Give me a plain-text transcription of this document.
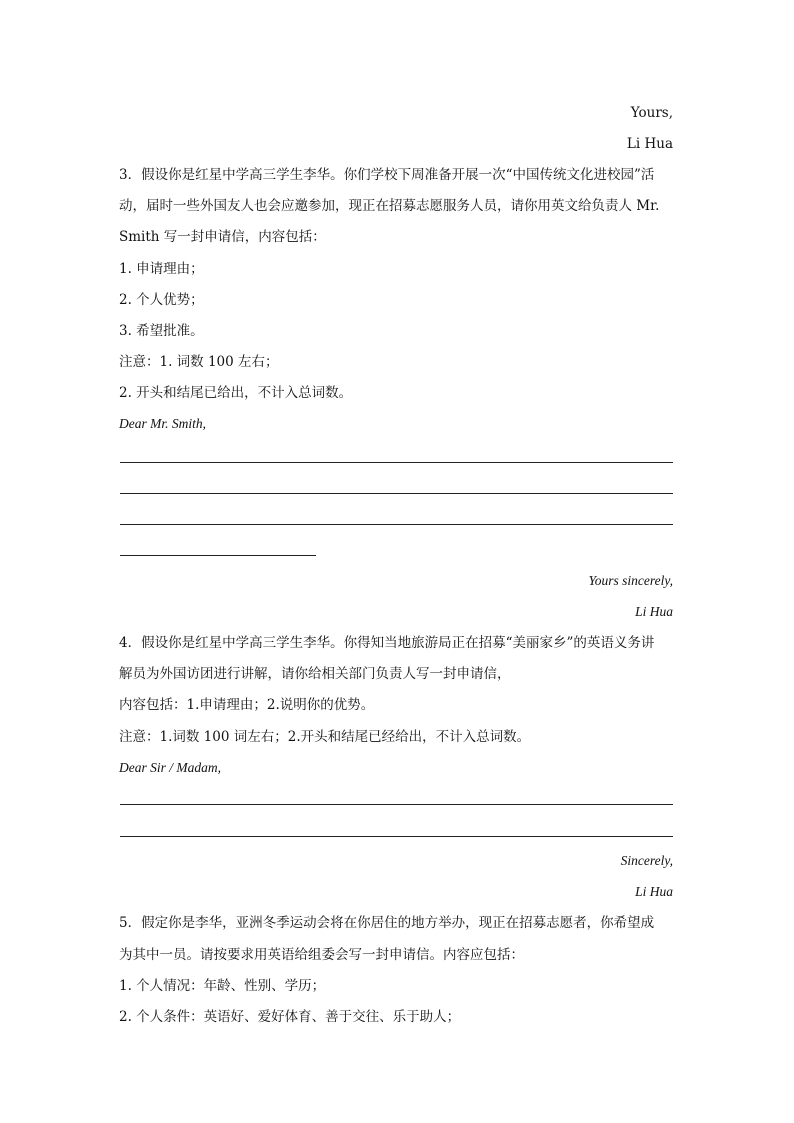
Yours,
Li Hua
3．假设你是红星中学高三学生李华。你们学校下周准备开展一次“中国传统文化进校园”活
动，届时一些外国友人也会应邀参加，现正在招募志愿服务人员，请你用英文给负责人 Mr.
Smith 写一封申请信，内容包括：
1. 申请理由；
2. 个人优势；
3. 希望批准。
注意：1. 词数 100 左右；
2. 开头和结尾已给出，不计入总词数。
Dear Mr. Smith,
Yours sincerely,
Li Hua
4．假设你是红星中学高三学生李华。你得知当地旅游局正在招募“美丽家乡”的英语义务讲
解员为外国访团进行讲解，请你给相关部门负责人写一封申请信，
内容包括：1.申请理由；2.说明你的优势。
注意：1.词数 100 词左右；2.开头和结尾已经给出，不计入总词数。
Dear Sir / Madam,
Sincerely,
Li Hua
5．假定你是李华，亚洲冬季运动会将在你居住的地方举办，现正在招募志愿者，你希望成
为其中一员。请按要求用英语给组委会写一封申请信。内容应包括：
1. 个人情况：年龄、性别、学历；
2. 个人条件：英语好、爱好体育、善于交往、乐于助人；
